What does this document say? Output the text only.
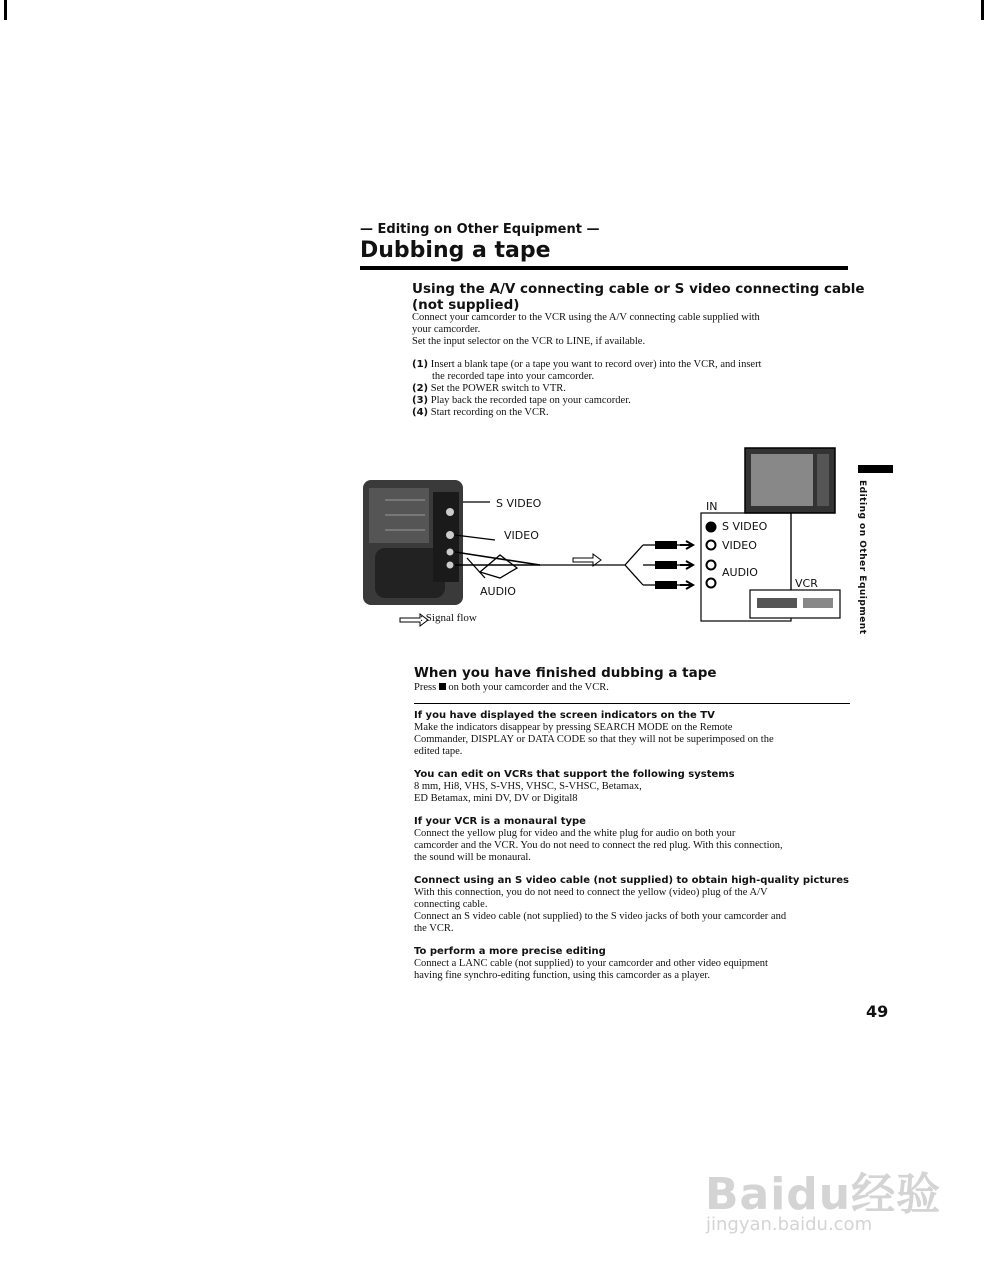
— Editing on Other Equipment —
Dubbing a tape
Editing on Other Equipment
Using the A/V connecting cable or S video connecting cable
(not supplied)
Connect your camcorder to the VCR using the A/V connecting cable supplied with
your camcorder.
Set the input selector on the VCR to LINE, if available.
(1) Insert a blank tape (or a tape you want to record over) into the VCR, and insert
the recorded tape into your camcorder.
(2) Set the POWER switch to VTR.
(3) Play back the recorded tape on your camcorder.
(4) Start recording on the VCR.
S VIDEO
VIDEO
AUDIO
IN
S VIDEO
VIDEO
AUDIO
VCR
: Signal flow
When you have finished dubbing a tape
Press on both your camcorder and the VCR.
If you have displayed the screen indicators on the TV
Make the indicators disappear by pressing SEARCH MODE on the Remote
Commander, DISPLAY or DATA CODE so that they will not be superimposed on the
edited tape.
You can edit on VCRs that support the following systems
8 mm, Hi8, VHS, S-VHS, VHSC, S-VHSC, Betamax,
ED Betamax, mini DV, DV or Digital8
If your VCR is a monaural type
Connect the yellow plug for video and the white plug for audio on both your
camcorder and the VCR. You do not need to connect the red plug. With this connection,
the sound will be monaural.
Connect using an S video cable (not supplied) to obtain high-quality pictures
With this connection, you do not need to connect the yellow (video) plug of the A/V
connecting cable.
Connect an S video cable (not supplied) to the S video jacks of both your camcorder and
the VCR.
To perform a more precise editing
Connect a LANC cable (not supplied) to your camcorder and other video equipment
having fine synchro-editing function, using this camcorder as a player.
49
Baidu经验
jingyan.baidu.com
